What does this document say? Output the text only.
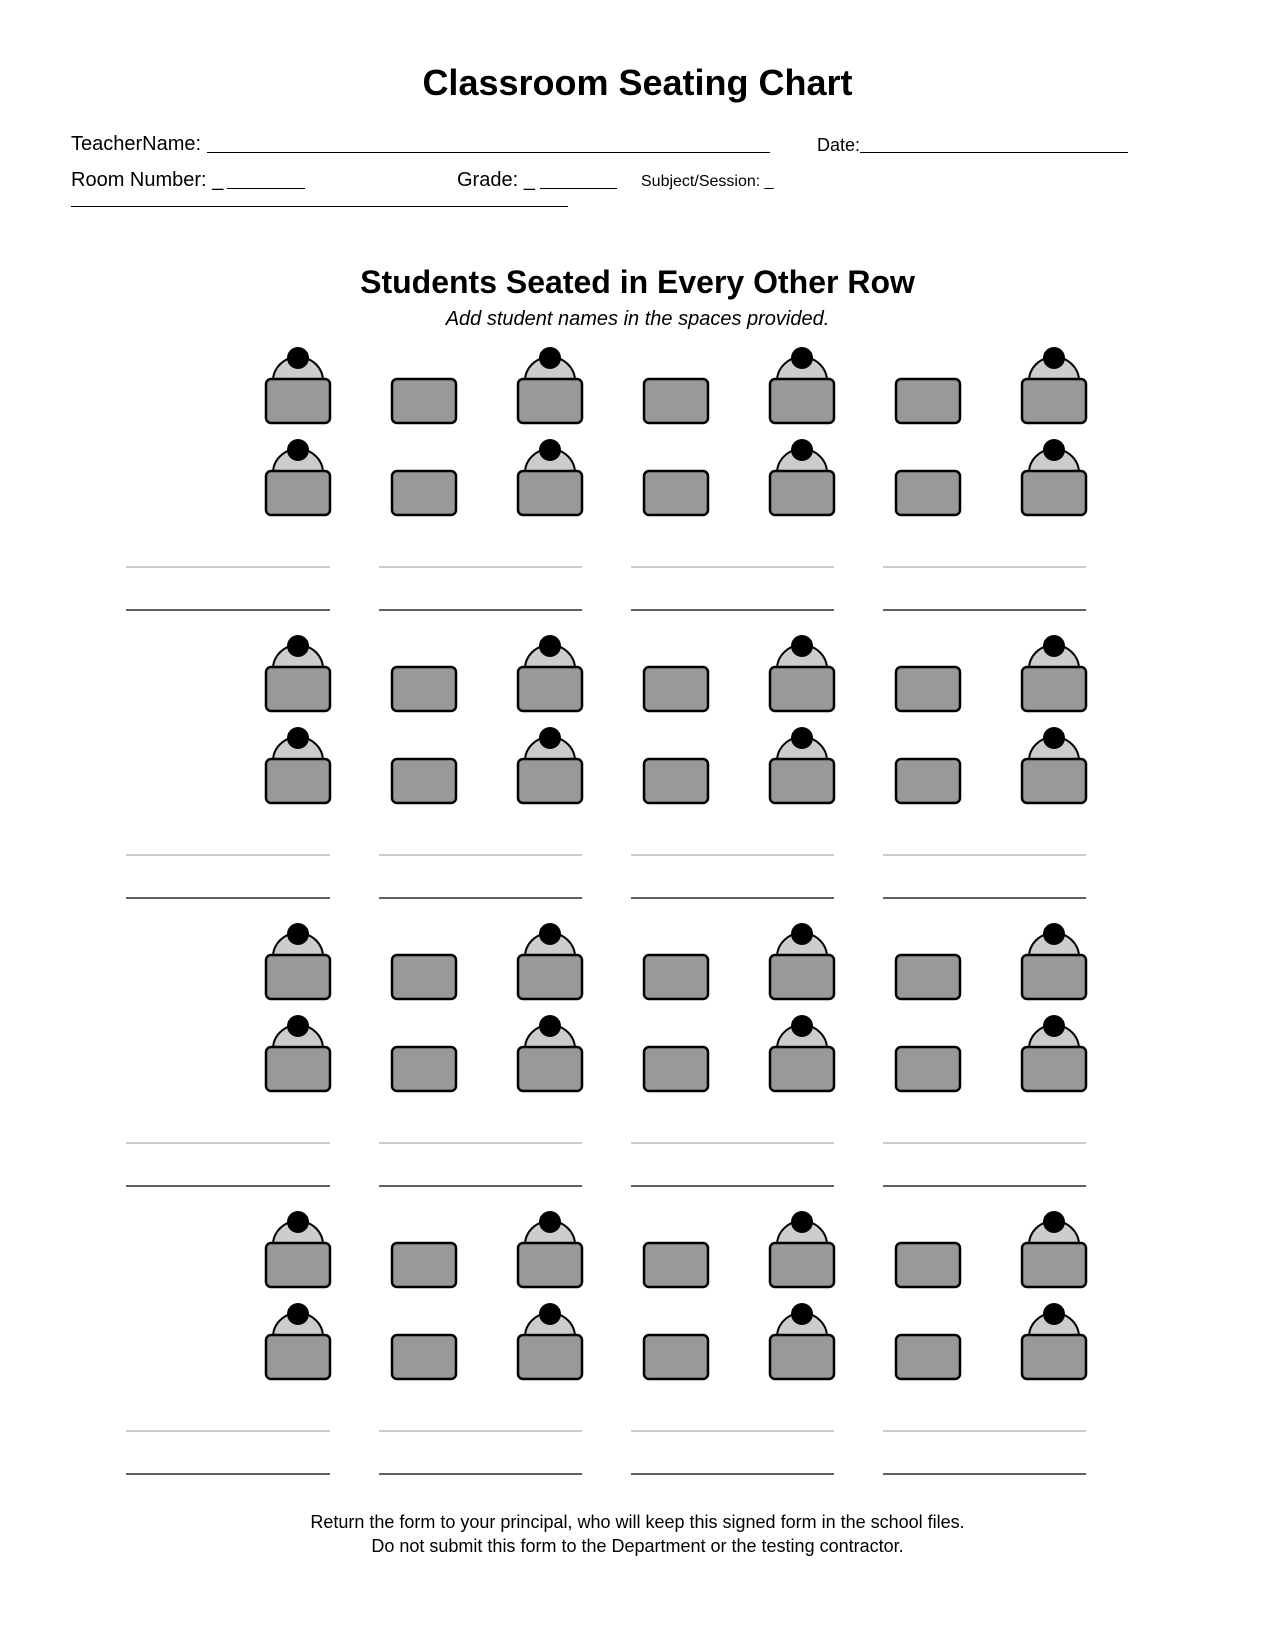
Classroom Seating Chart
TeacherName:	Date:
Room Number: _	Grade: _	Subject/Session: _
Students Seated in Every Other Row
Add student names in the spaces provided.
Return the form to your principal, who will keep this signed form in the school files.
Do not submit this form to the Department or the testing contractor.
